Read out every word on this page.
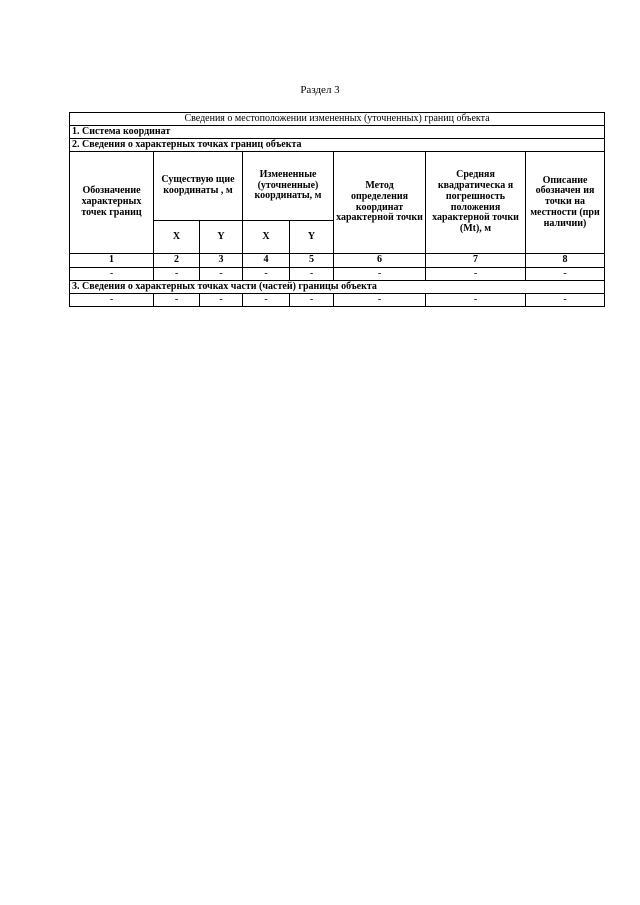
Раздел 3
Сведения о местоположении измененных (уточненных) границ объекта							
1. Система координат							
2. Сведения о характерных точках границ объекта							
Обозначение характерных точек границ	Существую щие координаты , м		Измененные (уточненные) координаты, м		Метод определения координат характерной точки	Средняя квадратическа я погрешность положения характерной точки (Mt), м	Описание обозначен ия точки на местности (при наличии)
	X	Y	X	Y			
1	2	3	4	5	6	7	8
-	-	-	-	-	-	-	-
3. Сведения о характерных точках части (частей) границы объекта							
-	-	-	-	-	-	-	-
